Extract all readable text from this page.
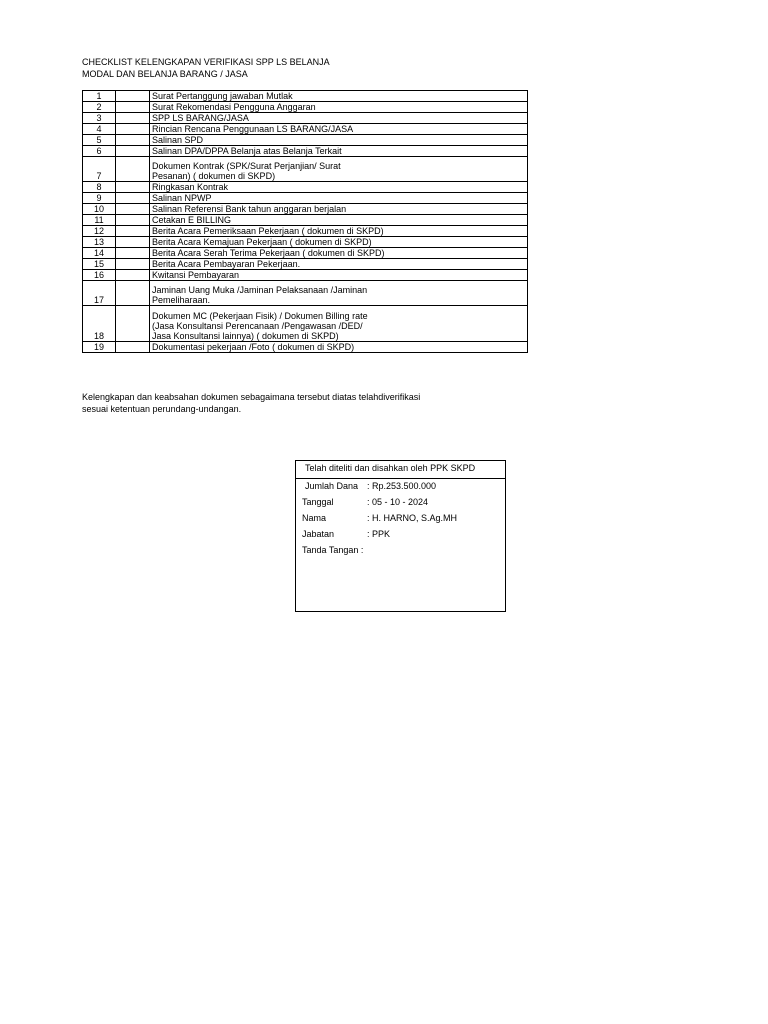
CHECKLIST KELENGKAPAN VERIFIKASI SPP LS BELANJA
MODAL DAN BELANJA BARANG / JASA
1		Surat Pertanggung jawaban Mutlak

2		Surat Rekomendasi Pengguna Anggaran

3		SPP LS BARANG/JASA

4		Rincian Rencana Penggunaan LS BARANG/JASA

5		Salinan SPD

6		Salinan DPA/DPPA Belanja atas Belanja Terkait

7		Dokumen Kontrak (SPK/Surat Perjanjian/ Surat
Pesanan) ( dokumen di SKPD)

8		Ringkasan Kontrak

9		Salinan NPWP

10		Salinan Referensi Bank tahun anggaran berjalan

11		Cetakan E BILLING

12		Berita Acara Pemeriksaan Pekerjaan ( dokumen di SKPD)

13		Berita Acara Kemajuan Pekerjaan ( dokumen di SKPD)

14		Berita Acara Serah Terima Pekerjaan ( dokumen di SKPD)

15		Berita Acara Pembayaran Pekerjaan.

16		Kwitansi Pembayaran

17		Jaminan Uang Muka /Jaminan Pelaksanaan /Jaminan
Pemeliharaan.

18		Dokumen MC (Pekerjaan Fisik) / Dokumen Billing rate
(Jasa Konsultansi Perencanaan /Pengawasan /DED/
Jasa Konsultansi lainnya) ( dokumen di SKPD)

19		Dokumentasi pekerjaan /Foto ( dokumen di SKPD)
Kelengkapan dan keabsahan dokumen sebagaimana tersebut diatas telahdiverifikasi
sesuai ketentuan perundang-undangan.
Telah diteliti dan disahkan oleh PPK SKPD
Jumlah Dana : Rp.253.500.000
Tanggal	: 05 - 10 - 2024
Nama	: H. HARNO, S.Ag.MH
Jabatan	: PPK
Tanda Tangan :
